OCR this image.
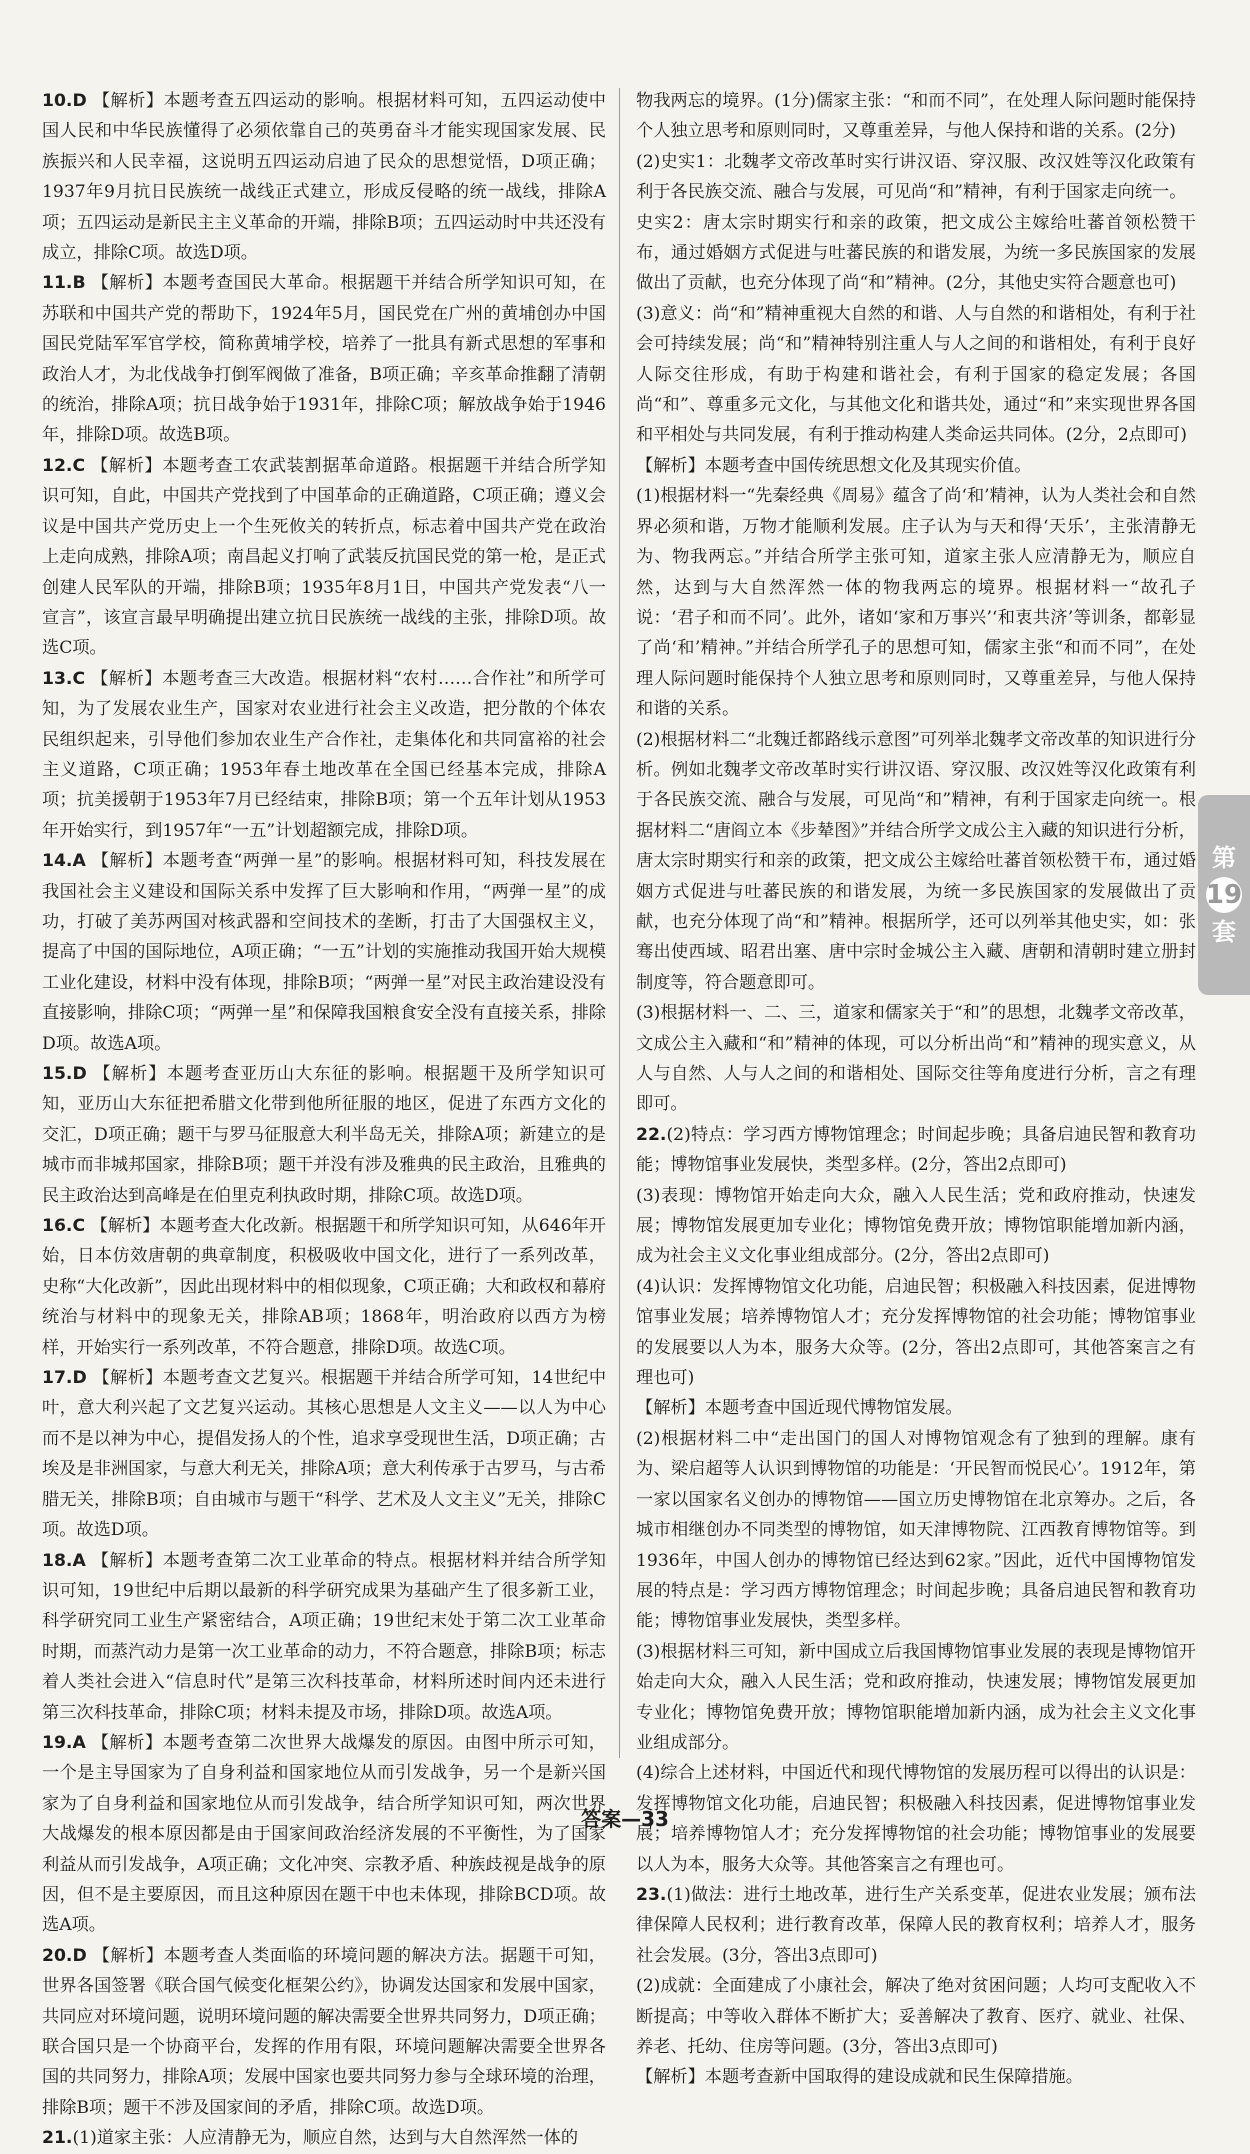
10.D 【解析】本题考查五四运动的影响。根据材料可知，五四运动使中国人民和中华民族懂得了必须依靠自己的英勇奋斗才能实现国家发展、民族振兴和人民幸福，这说明五四运动启迪了民众的思想觉悟，D项正确；1937年9月抗日民族统一战线正式建立，形成反侵略的统一战线，排除A项；五四运动是新民主主义革命的开端，排除B项；五四运动时中共还没有成立，排除C项。故选D项。
11.B 【解析】本题考查国民大革命。根据题干并结合所学知识可知，在苏联和中国共产党的帮助下，1924年5月，国民党在广州的黄埔创办中国国民党陆军军官学校，简称黄埔学校，培养了一批具有新式思想的军事和政治人才，为北伐战争打倒军阀做了准备，B项正确；辛亥革命推翻了清朝的统治，排除A项；抗日战争始于1931年，排除C项；解放战争始于1946年，排除D项。故选B项。
12.C 【解析】本题考查工农武装割据革命道路。根据题干并结合所学知识可知，自此，中国共产党找到了中国革命的正确道路，C项正确；遵义会议是中国共产党历史上一个生死攸关的转折点，标志着中国共产党在政治上走向成熟，排除A项；南昌起义打响了武装反抗国民党的第一枪，是正式创建人民军队的开端，排除B项；1935年8月1日，中国共产党发表“八一宣言”，该宣言最早明确提出建立抗日民族统一战线的主张，排除D项。故选C项。
13.C 【解析】本题考查三大改造。根据材料“农村……合作社”和所学可知，为了发展农业生产，国家对农业进行社会主义改造，把分散的个体农民组织起来，引导他们参加农业生产合作社，走集体化和共同富裕的社会主义道路，C项正确；1953年春土地改革在全国已经基本完成，排除A项；抗美援朝于1953年7月已经结束，排除B项；第一个五年计划从1953年开始实行，到1957年“一五”计划超额完成，排除D项。
14.A 【解析】本题考查“两弹一星”的影响。根据材料可知，科技发展在我国社会主义建设和国际关系中发挥了巨大影响和作用，“两弹一星”的成功，打破了美苏两国对核武器和空间技术的垄断，打击了大国强权主义，提高了中国的国际地位，A项正确；“一五”计划的实施推动我国开始大规模工业化建设，材料中没有体现，排除B项；“两弹一星”对民主政治建设没有直接影响，排除C项；“两弹一星”和保障我国粮食安全没有直接关系，排除D项。故选A项。
15.D 【解析】本题考查亚历山大东征的影响。根据题干及所学知识可知，亚历山大东征把希腊文化带到他所征服的地区，促进了东西方文化的交汇，D项正确；题干与罗马征服意大利半岛无关，排除A项；新建立的是城市而非城邦国家，排除B项；题干并没有涉及雅典的民主政治，且雅典的民主政治达到高峰是在伯里克利执政时期，排除C项。故选D项。
16.C 【解析】本题考查大化改新。根据题干和所学知识可知，从646年开始，日本仿效唐朝的典章制度，积极吸收中国文化，进行了一系列改革，史称“大化改新”，因此出现材料中的相似现象，C项正确；大和政权和幕府统治与材料中的现象无关，排除AB项；1868年，明治政府以西方为榜样，开始实行一系列改革，不符合题意，排除D项。故选C项。
17.D 【解析】本题考查文艺复兴。根据题干并结合所学可知，14世纪中叶，意大利兴起了文艺复兴运动。其核心思想是人文主义——以人为中心而不是以神为中心，提倡发扬人的个性，追求享受现世生活，D项正确；古埃及是非洲国家，与意大利无关，排除A项；意大利传承于古罗马，与古希腊无关，排除B项；自由城市与题干“科学、艺术及人文主义”无关，排除C项。故选D项。
18.A 【解析】本题考查第二次工业革命的特点。根据材料并结合所学知识可知，19世纪中后期以最新的科学研究成果为基础产生了很多新工业，科学研究同工业生产紧密结合，A项正确；19世纪末处于第二次工业革命时期，而蒸汽动力是第一次工业革命的动力，不符合题意，排除B项；标志着人类社会进入“信息时代”是第三次科技革命，材料所述时间内还未进行第三次科技革命，排除C项；材料未提及市场，排除D项。故选A项。
19.A 【解析】本题考查第二次世界大战爆发的原因。由图中所示可知，一个是主导国家为了自身利益和国家地位从而引发战争，另一个是新兴国家为了自身利益和国家地位从而引发战争，结合所学知识可知，两次世界大战爆发的根本原因都是由于国家间政治经济发展的不平衡性，为了国家利益从而引发战争，A项正确；文化冲突、宗教矛盾、种族歧视是战争的原因，但不是主要原因，而且这种原因在题干中也未体现，排除BCD项。故选A项。
20.D 【解析】本题考查人类面临的环境问题的解决方法。据题干可知，世界各国签署《联合国气候变化框架公约》，协调发达国家和发展中国家，共同应对环境问题，说明环境问题的解决需要全世界共同努力，D项正确；联合国只是一个协商平台，发挥的作用有限，环境问题解决需要全世界各国的共同努力，排除A项；发展中国家也要共同努力参与全球环境的治理，排除B项；题干不涉及国家间的矛盾，排除C项。故选D项。
21.(1)道家主张：人应清静无为，顺应自然，达到与大自然浑然一体的
物我两忘的境界。(1分)儒家主张：“和而不同”，在处理人际问题时能保持个人独立思考和原则同时，又尊重差异，与他人保持和谐的关系。(2分)
(2)史实1：北魏孝文帝改革时实行讲汉语、穿汉服、改汉姓等汉化政策有利于各民族交流、融合与发展，可见尚“和”精神，有利于国家走向统一。
史实2：唐太宗时期实行和亲的政策，把文成公主嫁给吐蕃首领松赞干布，通过婚姻方式促进与吐蕃民族的和谐发展，为统一多民族国家的发展做出了贡献，也充分体现了尚“和”精神。(2分，其他史实符合题意也可)
(3)意义：尚“和”精神重视大自然的和谐、人与自然的和谐相处，有利于社会可持续发展；尚“和”精神特别注重人与人之间的和谐相处，有利于良好人际交往形成，有助于构建和谐社会，有利于国家的稳定发展；各国尚“和”、尊重多元文化，与其他文化和谐共处，通过“和”来实现世界各国和平相处与共同发展，有利于推动构建人类命运共同体。(2分，2点即可)
【解析】本题考查中国传统思想文化及其现实价值。
(1)根据材料一“先秦经典《周易》蕴含了尚‘和’精神，认为人类社会和自然界必须和谐，万物才能顺利发展。庄子认为与天和得‘天乐’，主张清静无为、物我两忘。”并结合所学主张可知，道家主张人应清静无为，顺应自然，达到与大自然浑然一体的物我两忘的境界。根据材料一“故孔子说：‘君子和而不同’。此外，诸如‘家和万事兴’‘和衷共济’等训条，都彰显了尚‘和’精神。”并结合所学孔子的思想可知，儒家主张“和而不同”，在处理人际问题时能保持个人独立思考和原则同时，又尊重差异，与他人保持和谐的关系。
(2)根据材料二“北魏迁都路线示意图”可列举北魏孝文帝改革的知识进行分析。例如北魏孝文帝改革时实行讲汉语、穿汉服、改汉姓等汉化政策有利于各民族交流、融合与发展，可见尚“和”精神，有利于国家走向统一。根据材料二“唐阎立本《步辇图》”并结合所学文成公主入藏的知识进行分析，唐太宗时期实行和亲的政策，把文成公主嫁给吐蕃首领松赞干布，通过婚姻方式促进与吐蕃民族的和谐发展，为统一多民族国家的发展做出了贡献，也充分体现了尚“和”精神。根据所学，还可以列举其他史实，如：张骞出使西域、昭君出塞、唐中宗时金城公主入藏、唐朝和清朝时建立册封制度等，符合题意即可。
(3)根据材料一、二、三，道家和儒家关于“和”的思想，北魏孝文帝改革，文成公主入藏和“和”精神的体现，可以分析出尚“和”精神的现实意义，从人与自然、人与人之间的和谐相处、国际交往等角度进行分析，言之有理即可。
22.(2)特点：学习西方博物馆理念；时间起步晚；具备启迪民智和教育功能；博物馆事业发展快，类型多样。(2分，答出2点即可)
(3)表现：博物馆开始走向大众，融入人民生活；党和政府推动，快速发展；博物馆发展更加专业化；博物馆免费开放；博物馆职能增加新内涵，成为社会主义文化事业组成部分。(2分，答出2点即可)
(4)认识：发挥博物馆文化功能，启迪民智；积极融入科技因素，促进博物馆事业发展；培养博物馆人才；充分发挥博物馆的社会功能；博物馆事业的发展要以人为本，服务大众等。(2分，答出2点即可，其他答案言之有理也可)
【解析】本题考查中国近现代博物馆发展。
(2)根据材料二中“走出国门的国人对博物馆观念有了独到的理解。康有为、梁启超等人认识到博物馆的功能是：‘开民智而悦民心’。1912年，第一家以国家名义创办的博物馆——国立历史博物馆在北京筹办。之后，各城市相继创办不同类型的博物馆，如天津博物院、江西教育博物馆等。到1936年，中国人创办的博物馆已经达到62家。”因此，近代中国博物馆发展的特点是：学习西方博物馆理念；时间起步晚；具备启迪民智和教育功能；博物馆事业发展快，类型多样。
(3)根据材料三可知，新中国成立后我国博物馆事业发展的表现是博物馆开始走向大众，融入人民生活；党和政府推动，快速发展；博物馆发展更加专业化；博物馆免费开放；博物馆职能增加新内涵，成为社会主义文化事业组成部分。
(4)综合上述材料，中国近代和现代博物馆的发展历程可以得出的认识是：发挥博物馆文化功能，启迪民智；积极融入科技因素，促进博物馆事业发展；培养博物馆人才；充分发挥博物馆的社会功能；博物馆事业的发展要以人为本，服务大众等。其他答案言之有理也可。
23.(1)做法：进行土地改革，进行生产关系变革，促进农业发展；颁布法律保障人民权利；进行教育改革，保障人民的教育权利；培养人才，服务社会发展。(3分，答出3点即可)
(2)成就：全面建成了小康社会，解决了绝对贫困问题；人均可支配收入不断提高；中等收入群体不断扩大；妥善解决了教育、医疗、就业、社保、养老、托幼、住房等问题。(3分，答出3点即可)
【解析】本题考查新中国取得的建设成就和民生保障措施。
第
19
套
答案—33
